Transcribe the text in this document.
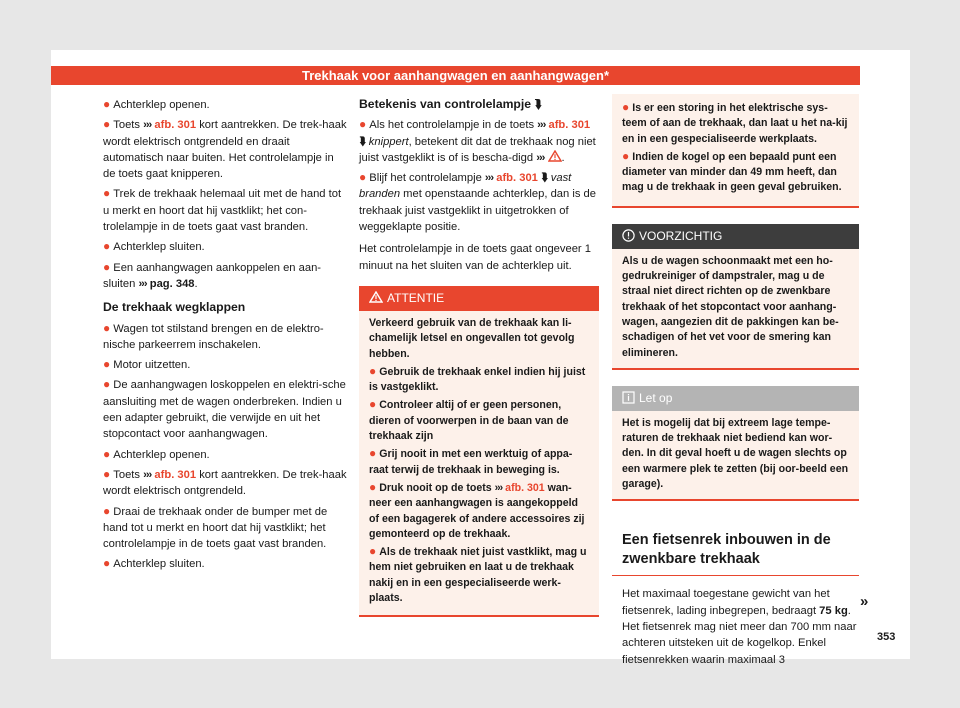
Trekhaak voor aanhangwagen en aanhangwagen*

● Achterklep openen.

● Toets ››› afb. 301 kort aantrekken. De trek-haak wordt elektrisch ontgrendeld en draait automatisch naar buiten. Het controlelampje in de toets gaat knipperen.

● Trek de trekhaak helemaal uit met de hand tot u merkt en hoort dat hij vastklikt; het con-trolelampje in de toets gaat vast branden.

● Achterklep sluiten.

● Een aanhangwagen aankoppelen en aan-sluiten ››› pag. 348.

De trekhaak wegklappen

● Wagen tot stilstand brengen en de elektro-nische parkeerrem inschakelen.

● Motor uitzetten.

● De aanhangwagen loskoppelen en elektri-sche aansluiting met de wagen onderbreken. Indien u een adapter gebruikt, die verwijde en uit het stopcontact voor aanhangwagen.

● Achterklep openen.

● Toets ››› afb. 301 kort aantrekken. De trek-haak wordt elektrisch ontgrendeld.

● Draai de trekhaak onder de bumper met de hand tot u merkt en hoort dat hij vastklikt; het controlelampje in de toets gaat vast branden.

● Achterklep sluiten.

Betekenis van controlelampje ⮯

● Als het controlelampje in de toets ››› afb. 301 ⮯ knippert, betekent dit dat de trekhaak nog niet juist vastgeklikt is of is bescha-digd ››› .

● Blijf het controlelampje ››› afb. 301 ⮯ vast branden met openstaande achterklep, dan is de trekhaak juist vastgeklikt in uitgetrokken of weggeklapte positie.

Het controlelampje in de toets gaat ongeveer 1 minuut na het sluiten van de achterklep uit.

ATTENTIE

Verkeerd gebruik van de trekhaak kan li-chamelijk letsel en ongevallen tot gevolg hebben.

● Gebruik de trekhaak enkel indien hij juist is vastgeklikt.

● Controleer altij of er geen personen, dieren of voorwerpen in de baan van de trekhaak zijn

● Grij nooit in met een werktuig of appa-raat terwij de trekhaak in beweging is.

● Druk nooit op de toets ››› afb. 301 wan-neer een aanhangwagen is aangekoppeld of een bagagerek of andere accessoires zij gemonteerd op de trekhaak.

● Als de trekhaak niet juist vastklikt, mag u hem niet gebruiken en laat u de trekhaak nakij en in een gespecialiseerde werk-plaats.

● Is er een storing in het elektrische sys-teem of aan de trekhaak, dan laat u het na-kij en in een gespecialiseerde werkplaats.

● Indien de kogel op een bepaald punt een diameter van minder dan 49 mm heeft, dan mag u de trekhaak in geen geval gebruiken.

VOORZICHTIG
Als u de wagen schoonmaakt met een ho-gedrukreiniger of dampstraler, mag u de straal niet direct richten op de zwenkbare trekhaak of het stopcontact voor aanhang-wagen, aangezien dit de pakkingen kan be-schadigen of het vet voor de smering kan elimineren.
Let op
Het is mogelij dat bij extreem lage tempe-raturen de trekhaak niet bediend kan wor-den. In dit geval hoeft u de wagen slechts op een warmere plek te zetten (bij oor-beeld een garage).
Een fietsenrek inbouwen in de zwenkbare trekhaak

Het maximaal toegestane gewicht van het fietsenrek, lading inbegrepen, bedraagt 75 kg. Het fietsenrek mag niet meer dan 700 mm naar achteren uitsteken uit de kogelkop. Enkel fietsenrekken waarin maximaal 3

»
353
